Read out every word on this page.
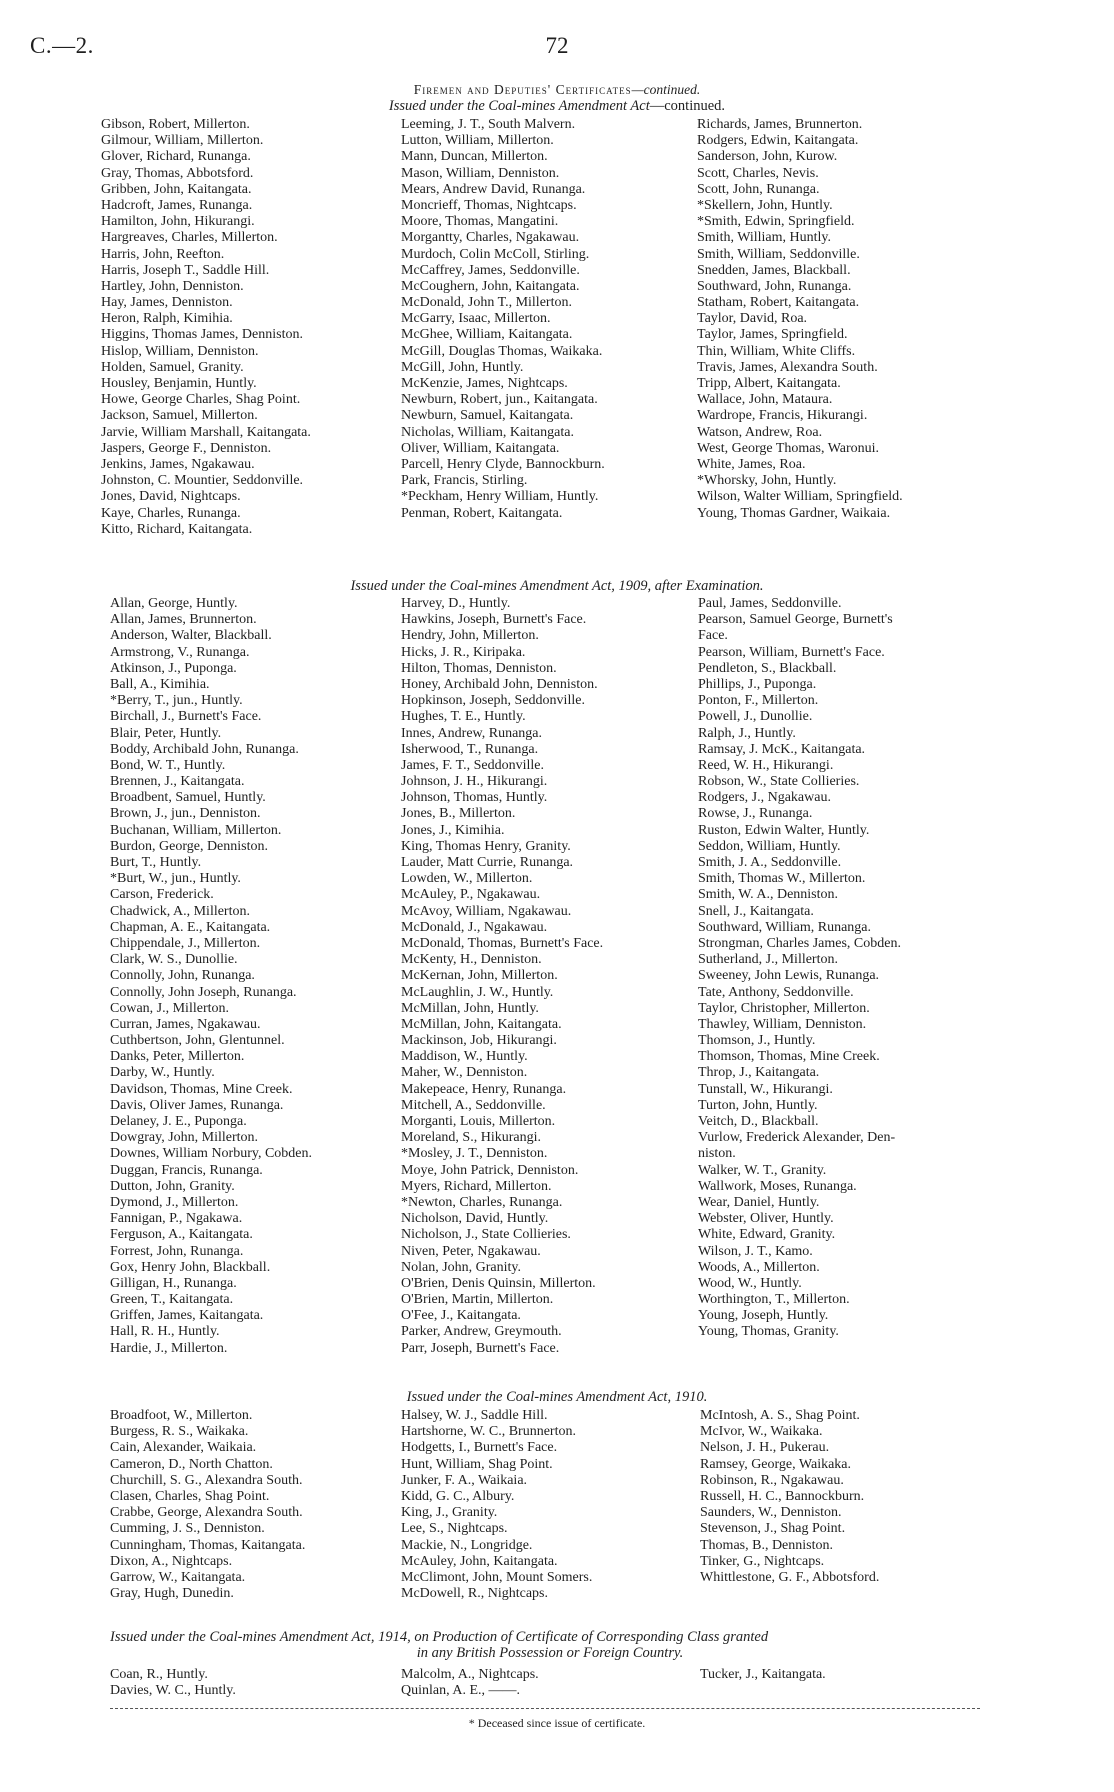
C.—2.	72
Firemen and Deputies' Certificates—continued.
Issued under the Coal-mines Amendment Act—continued.
Gibson, Robert, Millerton.
Gilmour, William, Millerton.
Glover, Richard, Runanga.
Gray, Thomas, Abbotsford.
Gribben, John, Kaitangata.
Hadcroft, James, Runanga.
Hamilton, John, Hikurangi.
Hargreaves, Charles, Millerton.
Harris, John, Reefton.
Harris, Joseph T., Saddle Hill.
Hartley, John, Denniston.
Hay, James, Denniston.
Heron, Ralph, Kimihia.
Higgins, Thomas James, Denniston.
Hislop, William, Denniston.
Holden, Samuel, Granity.
Housley, Benjamin, Huntly.
Howe, George Charles, Shag Point.
Jackson, Samuel, Millerton.
Jarvie, William Marshall, Kaitangata.
Jaspers, George F., Denniston.
Jenkins, James, Ngakawau.
Johnston, C. Mountier, Seddonville.
Jones, David, Nightcaps.
Kaye, Charles, Runanga.
Kitto, Richard, Kaitangata.
Leeming, J. T., South Malvern.
Lutton, William, Millerton.
Mann, Duncan, Millerton.
Mason, William, Denniston.
Mears, Andrew David, Runanga.
Moncrieff, Thomas, Nightcaps.
Moore, Thomas, Mangatini.
Morgantty, Charles, Ngakawau.
Murdoch, Colin McColl, Stirling.
McCaffrey, James, Seddonville.
McCoughern, John, Kaitangata.
McDonald, John T., Millerton.
McGarry, Isaac, Millerton.
McGhee, William, Kaitangata.
McGill, Douglas Thomas, Waikaka.
McGill, John, Huntly.
McKenzie, James, Nightcaps.
Newburn, Robert, jun., Kaitangata.
Newburn, Samuel, Kaitangata.
Nicholas, William, Kaitangata.
Oliver, William, Kaitangata.
Parcell, Henry Clyde, Bannockburn.
Park, Francis, Stirling.
*Peckham, Henry William, Huntly.
Penman, Robert, Kaitangata.
Richards, James, Brunnerton.
Rodgers, Edwin, Kaitangata.
Sanderson, John, Kurow.
Scott, Charles, Nevis.
Scott, John, Runanga.
*Skellern, John, Huntly.
*Smith, Edwin, Springfield.
Smith, William, Huntly.
Smith, William, Seddonville.
Snedden, James, Blackball.
Southward, John, Runanga.
Statham, Robert, Kaitangata.
Taylor, David, Roa.
Taylor, James, Springfield.
Thin, William, White Cliffs.
Travis, James, Alexandra South.
Tripp, Albert, Kaitangata.
Wallace, John, Mataura.
Wardrope, Francis, Hikurangi.
Watson, Andrew, Roa.
West, George Thomas, Waronui.
White, James, Roa.
*Whorsky, John, Huntly.
Wilson, Walter William, Springfield.
Young, Thomas Gardner, Waikaia.
Issued under the Coal-mines Amendment Act, 1909, after Examination.
Allan, George, Huntly.
Allan, James, Brunnerton.
Anderson, Walter, Blackball.
Armstrong, V., Runanga.
Atkinson, J., Puponga.
Ball, A., Kimihia.
*Berry, T., jun., Huntly.
Birchall, J., Burnett's Face.
Blair, Peter, Huntly.
Boddy, Archibald John, Runanga.
Bond, W. T., Huntly.
Brennen, J., Kaitangata.
Broadbent, Samuel, Huntly.
Brown, J., jun., Denniston.
Buchanan, William, Millerton.
Burdon, George, Denniston.
Burt, T., Huntly.
*Burt, W., jun., Huntly.
Carson, Frederick.
Chadwick, A., Millerton.
Chapman, A. E., Kaitangata.
Chippendale, J., Millerton.
Clark, W. S., Dunollie.
Connolly, John, Runanga.
Connolly, John Joseph, Runanga.
Cowan, J., Millerton.
Curran, James, Ngakawau.
Cuthbertson, John, Glentunnel.
Danks, Peter, Millerton.
Darby, W., Huntly.
Davidson, Thomas, Mine Creek.
Davis, Oliver James, Runanga.
Delaney, J. E., Puponga.
Dowgray, John, Millerton.
Downes, William Norbury, Cobden.
Duggan, Francis, Runanga.
Dutton, John, Granity.
Dymond, J., Millerton.
Fannigan, P., Ngakawa.
Ferguson, A., Kaitangata.
Forrest, John, Runanga.
Gox, Henry John, Blackball.
Gilligan, H., Runanga.
Green, T., Kaitangata.
Griffen, James, Kaitangata.
Hall, R. H., Huntly.
Hardie, J., Millerton.
Harvey, D., Huntly.
Hawkins, Joseph, Burnett's Face.
Hendry, John, Millerton.
Hicks, J. R., Kiripaka.
Hilton, Thomas, Denniston.
Honey, Archibald John, Denniston.
Hopkinson, Joseph, Seddonville.
Hughes, T. E., Huntly.
Innes, Andrew, Runanga.
Isherwood, T., Runanga.
James, F. T., Seddonville.
Johnson, J. H., Hikurangi.
Johnson, Thomas, Huntly.
Jones, B., Millerton.
Jones, J., Kimihia.
King, Thomas Henry, Granity.
Lauder, Matt Currie, Runanga.
Lowden, W., Millerton.
McAuley, P., Ngakawau.
McAvoy, William, Ngakawau.
McDonald, J., Ngakawau.
McDonald, Thomas, Burnett's Face.
McKenty, H., Denniston.
McKernan, John, Millerton.
McLaughlin, J. W., Huntly.
McMillan, John, Huntly.
McMillan, John, Kaitangata.
Mackinson, Job, Hikurangi.
Maddison, W., Huntly.
Maher, W., Denniston.
Makepeace, Henry, Runanga.
Mitchell, A., Seddonville.
Morganti, Louis, Millerton.
Moreland, S., Hikurangi.
*Mosley, J. T., Denniston.
Moye, John Patrick, Denniston.
Myers, Richard, Millerton.
*Newton, Charles, Runanga.
Nicholson, David, Huntly.
Nicholson, J., State Collieries.
Niven, Peter, Ngakawau.
Nolan, John, Granity.
O'Brien, Denis Quinsin, Millerton.
O'Brien, Martin, Millerton.
O'Fee, J., Kaitangata.
Parker, Andrew, Greymouth.
Parr, Joseph, Burnett's Face.
Paul, James, Seddonville.
Pearson, Samuel George, Burnett's
Face.
Pearson, William, Burnett's Face.
Pendleton, S., Blackball.
Phillips, J., Puponga.
Ponton, F., Millerton.
Powell, J., Dunollie.
Ralph, J., Huntly.
Ramsay, J. McK., Kaitangata.
Reed, W. H., Hikurangi.
Robson, W., State Collieries.
Rodgers, J., Ngakawau.
Rowse, J., Runanga.
Ruston, Edwin Walter, Huntly.
Seddon, William, Huntly.
Smith, J. A., Seddonville.
Smith, Thomas W., Millerton.
Smith, W. A., Denniston.
Snell, J., Kaitangata.
Southward, William, Runanga.
Strongman, Charles James, Cobden.
Sutherland, J., Millerton.
Sweeney, John Lewis, Runanga.
Tate, Anthony, Seddonville.
Taylor, Christopher, Millerton.
Thawley, William, Denniston.
Thomson, J., Huntly.
Thomson, Thomas, Mine Creek.
Throp, J., Kaitangata.
Tunstall, W., Hikurangi.
Turton, John, Huntly.
Veitch, D., Blackball.
Vurlow, Frederick Alexander, Den-
niston.
Walker, W. T., Granity.
Wallwork, Moses, Runanga.
Wear, Daniel, Huntly.
Webster, Oliver, Huntly.
White, Edward, Granity.
Wilson, J. T., Kamo.
Woods, A., Millerton.
Wood, W., Huntly.
Worthington, T., Millerton.
Young, Joseph, Huntly.
Young, Thomas, Granity.
Issued under the Coal-mines Amendment Act, 1910.
Broadfoot, W., Millerton.
Burgess, R. S., Waikaka.
Cain, Alexander, Waikaia.
Cameron, D., North Chatton.
Churchill, S. G., Alexandra South.
Clasen, Charles, Shag Point.
Crabbe, George, Alexandra South.
Cumming, J. S., Denniston.
Cunningham, Thomas, Kaitangata.
Dixon, A., Nightcaps.
Garrow, W., Kaitangata.
Gray, Hugh, Dunedin.
Halsey, W. J., Saddle Hill.
Hartshorne, W. C., Brunnerton.
Hodgetts, I., Burnett's Face.
Hunt, William, Shag Point.
Junker, F. A., Waikaia.
Kidd, G. C., Albury.
King, J., Granity.
Lee, S., Nightcaps.
Mackie, N., Longridge.
McAuley, John, Kaitangata.
McClimont, John, Mount Somers.
McDowell, R., Nightcaps.
McIntosh, A. S., Shag Point.
McIvor, W., Waikaka.
Nelson, J. H., Pukerau.
Ramsey, George, Waikaka.
Robinson, R., Ngakawau.
Russell, H. C., Bannockburn.
Saunders, W., Denniston.
Stevenson, J., Shag Point.
Thomas, B., Denniston.
Tinker, G., Nightcaps.
Whittlestone, G. F., Abbotsford.
Issued under the Coal-mines Amendment Act, 1914, on Production of Certificate of Corresponding Class granted
in any British Possession or Foreign Country.
Coan, R., Huntly.
Davies, W. C., Huntly.
Malcolm, A., Nightcaps.
Quinlan, A. E., ——.
Tucker, J., Kaitangata.
* Deceased since issue of certificate.
